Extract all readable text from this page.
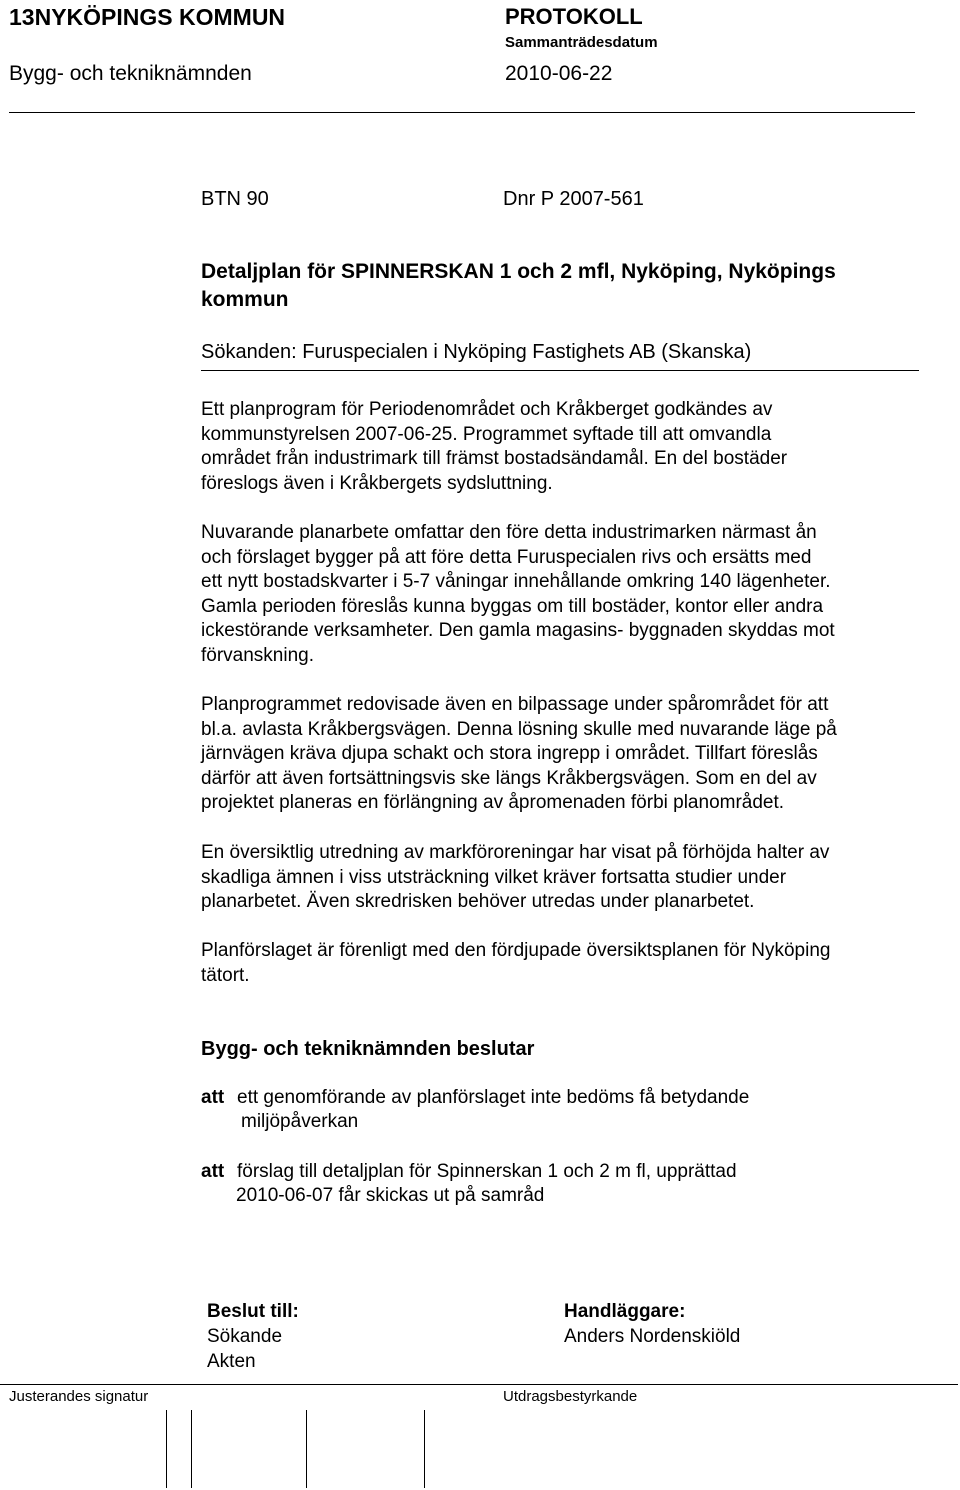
13NYKÖPINGS KOMMUN
Bygg- och tekniknämnden
PROTOKOLL
Sammanträdesdatum
2010-06-22
BTN 90	Dnr P 2007-561
Detaljplan för SPINNERSKAN 1 och 2 mfl, Nyköping, Nyköpings
kommun
Sökanden: Furuspecialen i Nyköping Fastighets AB (Skanska)
Ett planprogram för Periodenområdet och Kråkberget godkändes av
kommunstyrelsen 2007-06-25. Programmet syftade till att omvandla
området från industrimark till främst bostadsändamål. En del bostäder
föreslogs även i Kråkbergets sydsluttning.
Nuvarande planarbete omfattar den före detta industrimarken närmast ån
och förslaget bygger på att före detta Furuspecialen rivs och ersätts med
ett nytt bostadskvarter i 5-7 våningar innehållande omkring 140 lägenheter.
Gamla perioden föreslås kunna byggas om till bostäder, kontor eller andra
ickestörande verksamheter. Den gamla magasins- byggnaden skyddas mot
förvanskning.
Planprogrammet redovisade även en bilpassage under spårområdet för att
bl.a. avlasta Kråkbergsvägen. Denna lösning skulle med nuvarande läge på
järnvägen kräva djupa schakt och stora ingrepp i området. Tillfart föreslås
därför att även fortsättningsvis ske längs Kråkbergsvägen. Som en del av
projektet planeras en förlängning av åpromenaden förbi planområdet.
En översiktlig utredning av markföroreningar har visat på förhöjda halter av
skadliga ämnen i viss utsträckning vilket kräver fortsatta studier under
planarbetet. Även skredrisken behöver utredas under planarbetet.
Planförslaget är förenligt med den fördjupade översiktsplanen för Nyköping
tätort.
Bygg- och tekniknämnden beslutar
att ett genomförande av planförslaget inte bedöms få betydande
miljöpåverkan
att förslag till detaljplan för Spinnerskan 1 och 2 m fl, upprättad
2010-06-07 får skickas ut på samråd
Beslut till:
Sökande
Akten
Handläggare:
Anders Nordenskiöld
Justerandes signatur	Utdragsbestyrkande
